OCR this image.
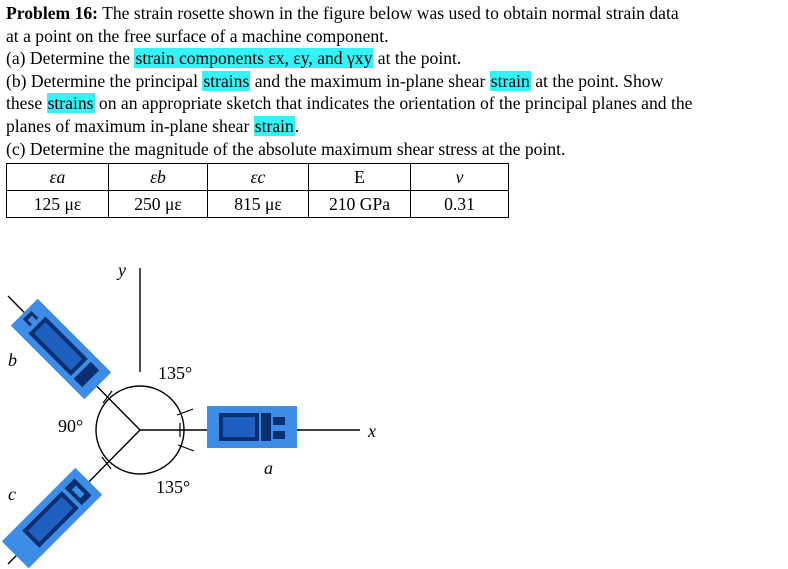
Problem 16: The strain rosette shown in the figure below was used to obtain normal strain data
at a point on the free surface of a machine component.
(a) Determine the strain components εx, εy, and γxy at the point.
(b) Determine the principal strains and the maximum in-plane shear strain at the point. Show
these strains on an appropriate sketch that indicates the orientation of the principal planes and the
planes of maximum in-plane shear strain.
(c) Determine the magnitude of the absolute maximum shear stress at the point.
εa	εb	εc	E	ν
125 με	250 με	815 με	210 GPa	0.31
y
x
a
b
c
135°
90°
135°
